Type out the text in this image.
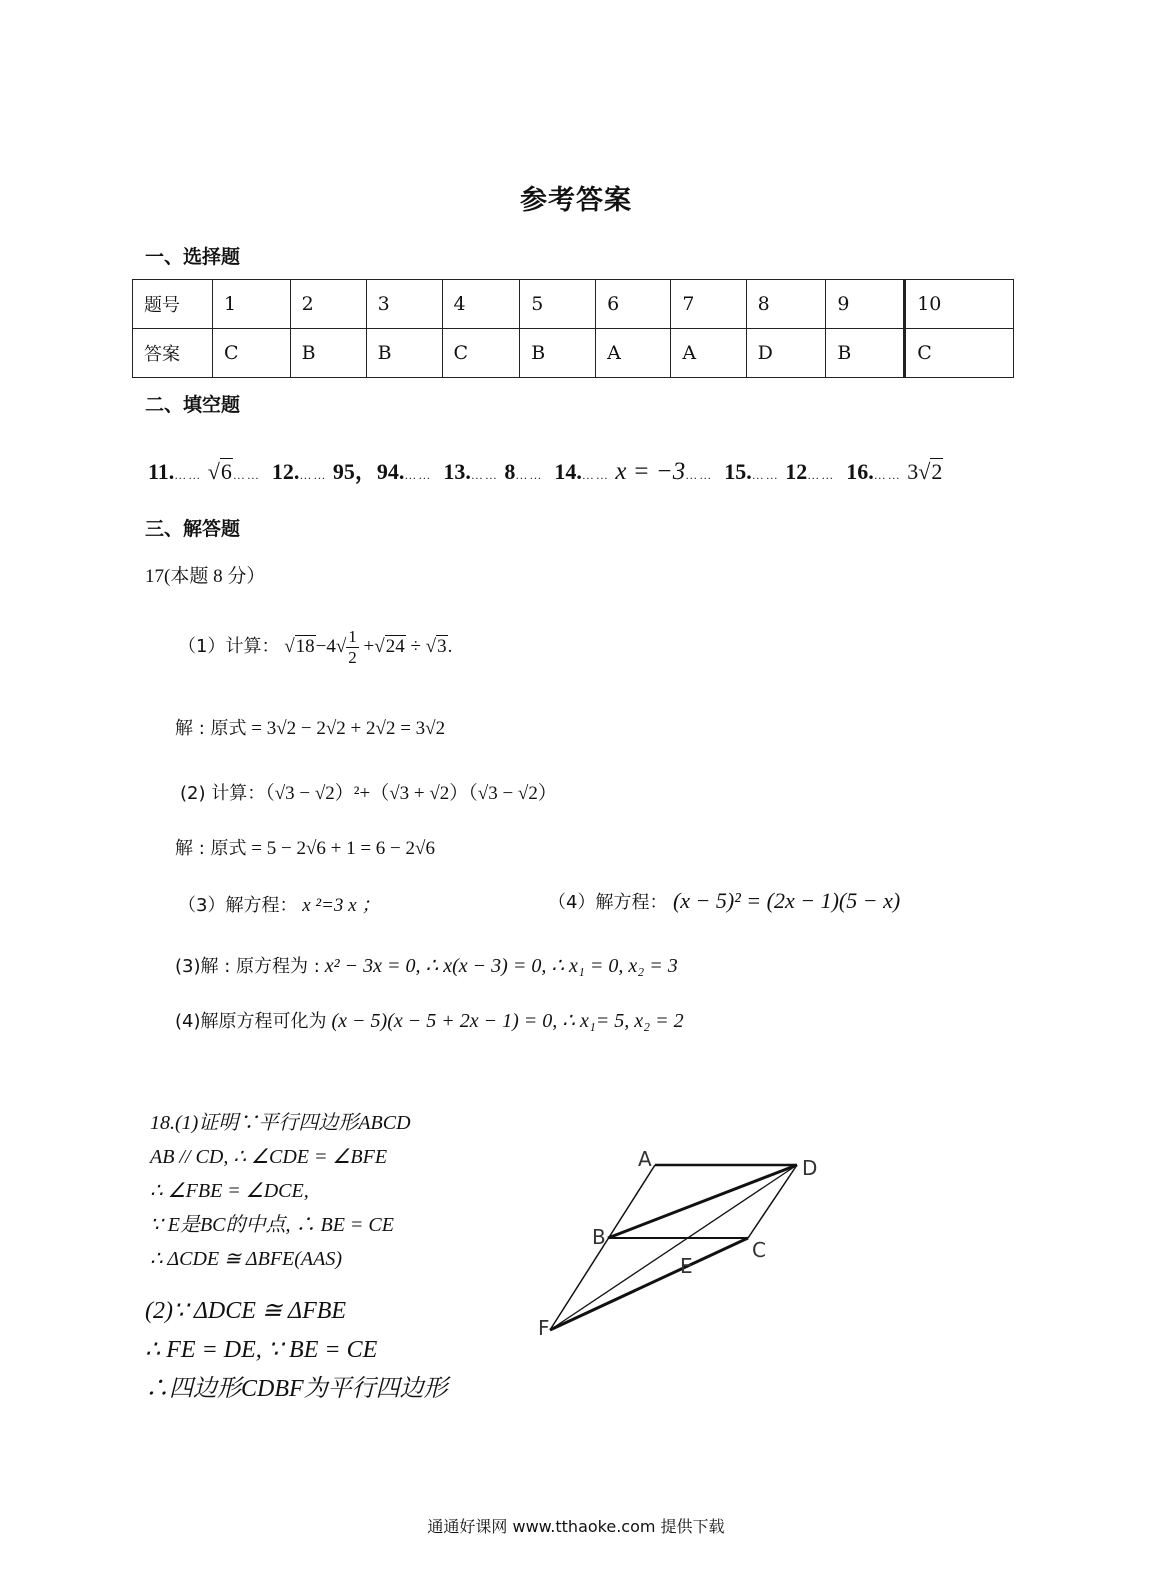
参考答案
一、选择题
题号	1	2	3	4	5	6	7	8	9	10
答案	C	B	B	C	B	A	A	D	B	C
二、填空题
11.…… √6…… 12.…… 95，94.…… 13.…… 8…… 14.…… x = −3…… 15.…… 12…… 16.…… 3√2
三、解答题
17(本题 8 分）
（1）计算： $√18-4√ \frac{1}{2} +√24 \div √3$.
解 : 原式 = 3√2 − 2√2 + 2√2 = 3√2
(2) 计算：（√3 − √2）²+（√3 + √2）（√3 − √2）
解 : 原式 = 5 − 2√6 + 1 = 6 − 2√6
（3）解方程： x ²=3 x ；	（4）解方程： (x − 5)² = (2x − 1)(5 − x)
(3)解 : 原方程为 : x² − 3x = 0, ∴ x(x − 3) = 0, ∴ x₁ = 0, x₂ = 3
(4)解原方程可化为 (x − 5)(x − 5 + 2x − 1) = 0, ∴ x₁= 5, x₂ = 2
18.(1)证明∵平行四边形ABCD
AB // CD, ∴ ∠CDE = ∠BFE
∴ ∠FBE = ∠DCE,
∵ E是BC的中点, ∴ BE = CE
∴ ΔCDE ≅ ΔBFE(AAS)
(2)∵ ΔDCE ≅ ΔFBE
∴ FE = DE, ∵ BE = CE
∴四边形CDBF为平行四边形
A	D
B
C
E
F
通通好课网 www.tthaoke.com 提供下载
